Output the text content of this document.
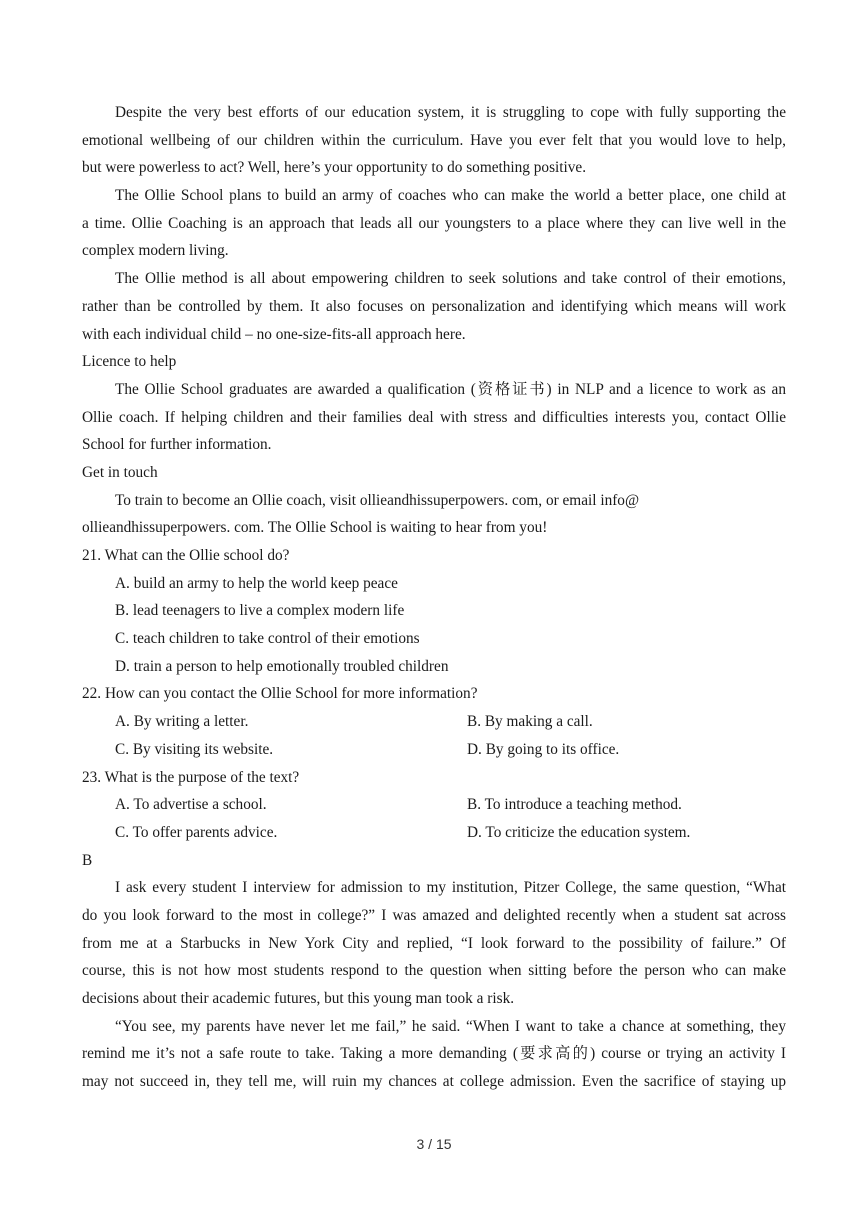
Despite the very best efforts of our education system, it is struggling to cope with fully supporting the
emotional wellbeing of our children within the curriculum. Have you ever felt that you would love to help,
but were powerless to act? Well, here’s your opportunity to do something positive.
The Ollie School plans to build an army of coaches who can make the world a better place, one child at
a time. Ollie Coaching is an approach that leads all our youngsters to a place where they can live well in the
complex modern living.
The Ollie method is all about empowering children to seek solutions and take control of their emotions,
rather than be controlled by them. It also focuses on personalization and identifying which means will work
with each individual child – no one-size-fits-all approach here.
Licence to help
The Ollie School graduates are awarded a qualification (资格证书) in NLP and a licence to work as an
Ollie coach. If helping children and their families deal with stress and difficulties interests you, contact Ollie
School for further information.
Get in touch
To train to become an Ollie coach, visit ollieandhissuperpowers. com, or email info@
ollieandhissuperpowers. com. The Ollie School is waiting to hear from you!
21. What can the Ollie school do?
A. build an army to help the world keep peace
B. lead teenagers to live a complex modern life
C. teach children to take control of their emotions
D. train a person to help emotionally troubled children
22. How can you contact the Ollie School for more information?
A. By writing a letter.	B. By making a call.
C. By visiting its website.	D. By going to its office.
23. What is the purpose of the text?
A. To advertise a school.	B. To introduce a teaching method.
C. To offer parents advice.	D. To criticize the education system.
B
I ask every student I interview for admission to my institution, Pitzer College, the same question, “What
do you look forward to the most in college?” I was amazed and delighted recently when a student sat across
from me at a Starbucks in New York City and replied, “I look forward to the possibility of failure.” Of
course, this is not how most students respond to the question when sitting before the person who can make
decisions about their academic futures, but this young man took a risk.
“You see, my parents have never let me fail,” he said. “When I want to take a chance at something, they
remind me it’s not a safe route to take. Taking a more demanding (要求高的) course or trying an activity I
may not succeed in, they tell me, will ruin my chances at college admission. Even the sacrifice of staying up
3 / 15
